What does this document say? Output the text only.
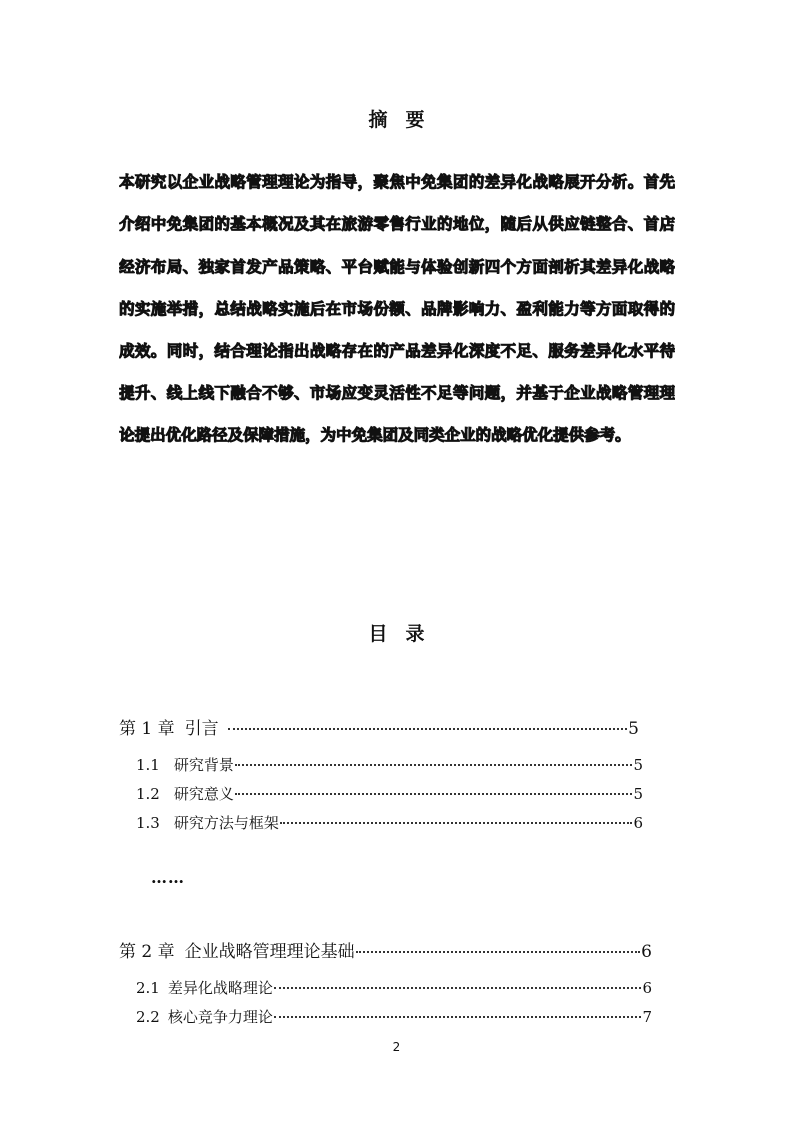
摘要
本研究以企业战略管理理论为指导，聚焦中免集团的差异化战略展开分析。首先
介绍中免集团的基本概况及其在旅游零售行业的地位，随后从供应链整合、首店
经济布局、独家首发产品策略、平台赋能与体验创新四个方面剖析其差异化战略
的实施举措，总结战略实施后在市场份额、品牌影响力、盈利能力等方面取得的
成效。同时，结合理论指出战略存在的产品差异化深度不足、服务差异化水平待
提升、线上线下融合不够、市场应变灵活性不足等问题，并基于企业战略管理理
论提出优化路径及保障措施，为中免集团及同类企业的战略优化提供参考。
目录
第 1 章 引言	5
1.1 研究背景	5
1.2 研究意义	5
1.3 研究方法与框架	6
……
第 2 章 企业战略管理理论基础	6
2.1 差异化战略理论	6
2.2 核心竞争力理论	7
2
